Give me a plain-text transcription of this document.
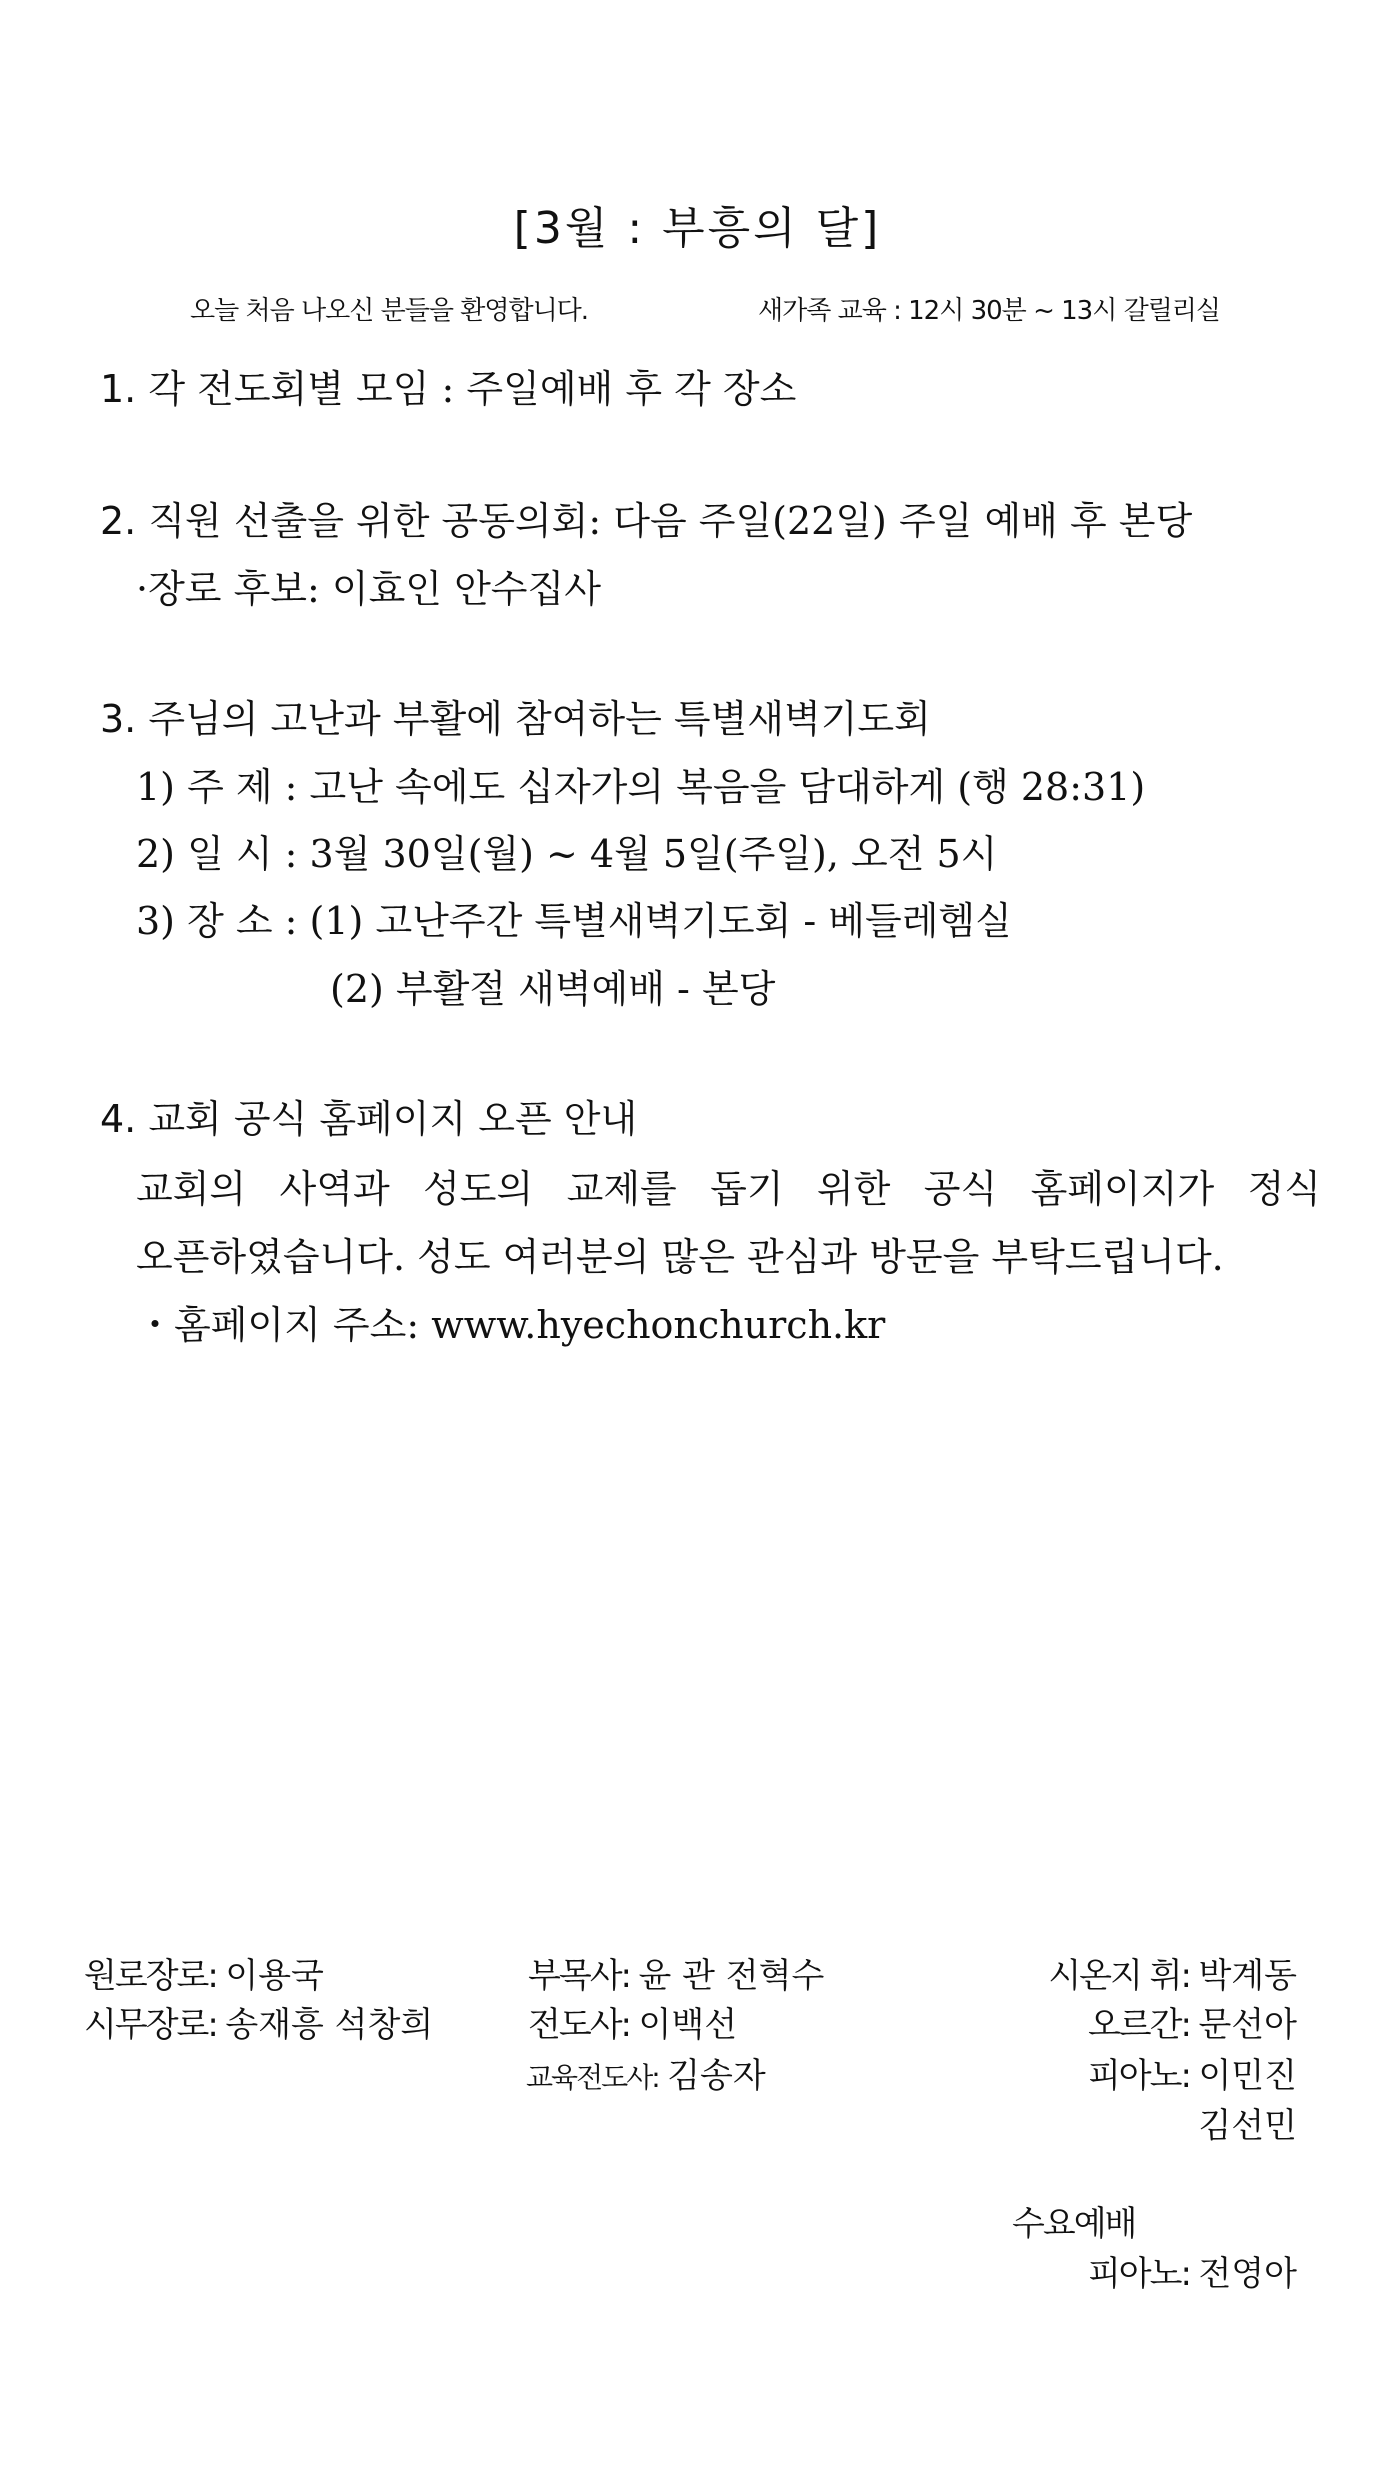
[3월 : 부흥의 달]
오늘 처음 나오신 분들을 환영합니다.	새가족 교육 : 12시 30분 ~ 13시 갈릴리실
1. 각 전도회별 모임 : 주일예배 후 각 장소
2. 직원 선출을 위한 공동의회: 다음 주일(22일) 주일 예배 후 본당
·장로 후보: 이효인 안수집사
3. 주님의 고난과 부활에 참여하는 특별새벽기도회
1) 주 제 : 고난 속에도 십자가의 복음을 담대하게 (행 28:31)
2) 일 시 : 3월 30일(월) ~ 4월 5일(주일), 오전 5시
3) 장 소 : (1) 고난주간 특별새벽기도회 - 베들레헴실
(2) 부활절 새벽예배 - 본당
4. 교회 공식 홈페이지 오픈 안내
교회의 사역과 성도의 교제를 돕기 위한 공식 홈페이지가 정식
오픈하였습니다. 성도 여러분의 많은 관심과 방문을 부탁드립니다.
・홈페이지 주소: www.hyechonchurch.kr
원로장로: 이용국
시무장로: 송재흥 석창희
부목사: 윤 관 전혁수
전도사: 이백선
교육전도사: 김송자
시온지 휘: 박계동
오르간: 문선아
피아노: 이민진
김선민
수요예배
피아노: 전영아
